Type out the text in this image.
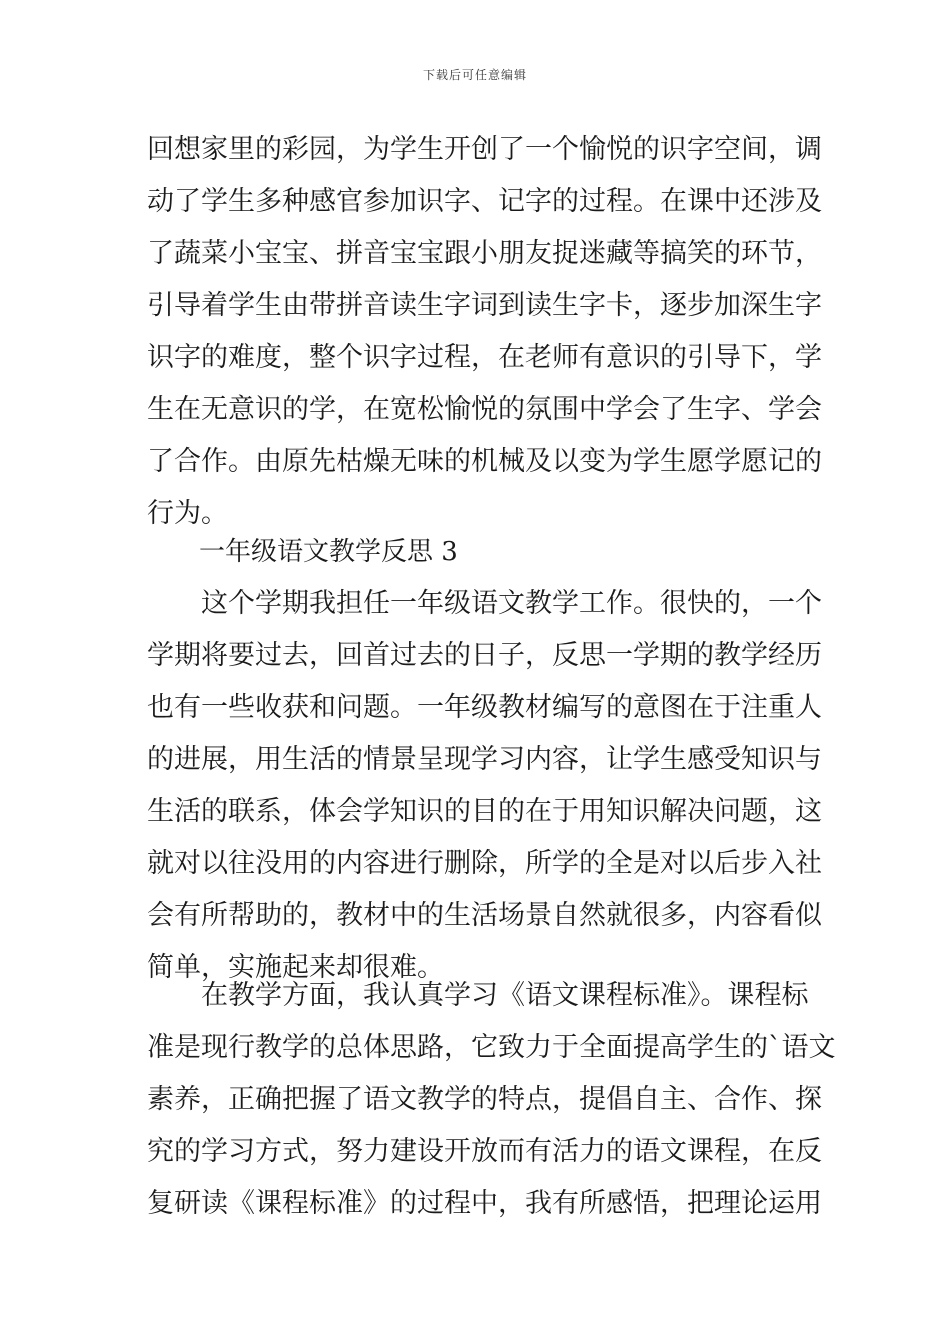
下载后可任意编辑
回想家里的彩园，为学生开创了一个愉悦的识字空间，调
动了学生多种感官参加识字、记字的过程。在课中还涉及
了蔬菜小宝宝、拼音宝宝跟小朋友捉迷藏等搞笑的环节，
引导着学生由带拼音读生字词到读生字卡，逐步加深生字
识字的难度，整个识字过程，在老师有意识的引导下，学
生在无意识的学，在宽松愉悦的氛围中学会了生字、学会
了合作。由原先枯燥无味的机械及以变为学生愿学愿记的
行为。
一年级语文教学反思 3
这个学期我担任一年级语文教学工作。很快的，一个
学期将要过去，回首过去的日子，反思一学期的教学经历
也有一些收获和问题。一年级教材编写的意图在于注重人
的进展，用生活的情景呈现学习内容，让学生感受知识与
生活的联系，体会学知识的目的在于用知识解决问题，这
就对以往没用的内容进行删除，所学的全是对以后步入社
会有所帮助的，教材中的生活场景自然就很多，内容看似
简单，实施起来却很难。
在教学方面，我认真学习《语文课程标准》。课程标
准是现行教学的总体思路，它致力于全面提高学生的`语文
素养，正确把握了语文教学的特点，提倡自主、合作、探
究的学习方式，努力建设开放而有活力的语文课程，在反
复研读《课程标准》的过程中，我有所感悟，把理论运用
